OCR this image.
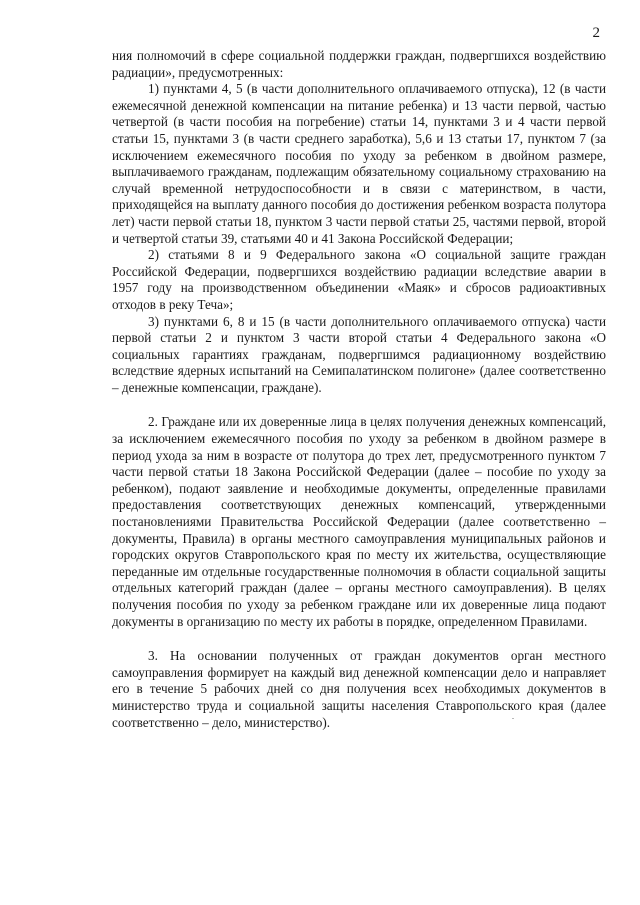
2

ния полномочий в сфере социальной поддержки граждан, подвергшихся воздействию радиации», предусмотренных:

1) пунктами 4, 5 (в части дополнительного оплачиваемого отпуска), 12 (в части ежемесячной денежной компенсации на питание ребенка) и 13 части первой, частью четвертой (в части пособия на погребение) статьи 14, пунктами 3 и 4 части первой статьи 15, пунктами 3 (в части среднего заработка), 5,6 и 13 статьи 17, пунктом 7 (за исключением ежемесячного пособия по уходу за ребенком в двойном размере, выплачиваемого гражданам, подлежащим обязательному социальному страхованию на случай временной нетрудоспособности и в связи с материнством, в части, приходящейся на выплату данного пособия до достижения ребенком возраста полутора лет) части первой статьи 18, пунктом 3 части первой статьи 25, частями первой, второй и четвертой статьи 39, статьями 40 и 41 Закона Российской Федерации;

2) статьями 8 и 9 Федерального закона «О социальной защите граждан Российской Федерации, подвергшихся воздействию радиации вследствие аварии в 1957 году на производственном объединении «Маяк» и сбросов радиоактивных отходов в реку Теча»;

3) пунктами 6, 8 и 15 (в части дополнительного оплачиваемого отпуска) части первой статьи 2 и пунктом 3 части второй статьи 4 Федерального закона «О социальных гарантиях гражданам, подвергшимся радиационному воздействию вследствие ядерных испытаний на Семипалатинском полигоне» (далее соответственно – денежные компенсации, граждане).

2. Граждане или их доверенные лица в целях получения денежных компенсаций, за исключением ежемесячного пособия по уходу за ребенком в двойном размере в период ухода за ним в возрасте от полутора до трех лет, предусмотренного пунктом 7 части первой статьи 18 Закона Российской Федерации (далее – пособие по уходу за ребенком), подают заявление и необходимые документы, определенные правилами предоставления соответствующих денежных компенсаций, утвержденными постановлениями Правительства Российской Федерации (далее соответственно – документы, Правила) в органы местного самоуправления муниципальных районов и городских округов Ставропольского края по месту их жительства, осуществляющие переданные им отдельные государственные полномочия в области социальной защиты отдельных категорий граждан (далее – органы местного самоуправления). В целях получения пособия по уходу за ребенком граждане или их доверенные лица подают документы в организацию по месту их работы в порядке, определенном Правилами.

3. На основании полученных от граждан документов орган местного самоуправления формирует на каждый вид денежной компенсации дело и направляет его в течение 5 рабочих дней со дня получения всех необходимых документов в министерство труда и социальной защиты населения Ставропольского края (далее соответственно – дело, министерство).
